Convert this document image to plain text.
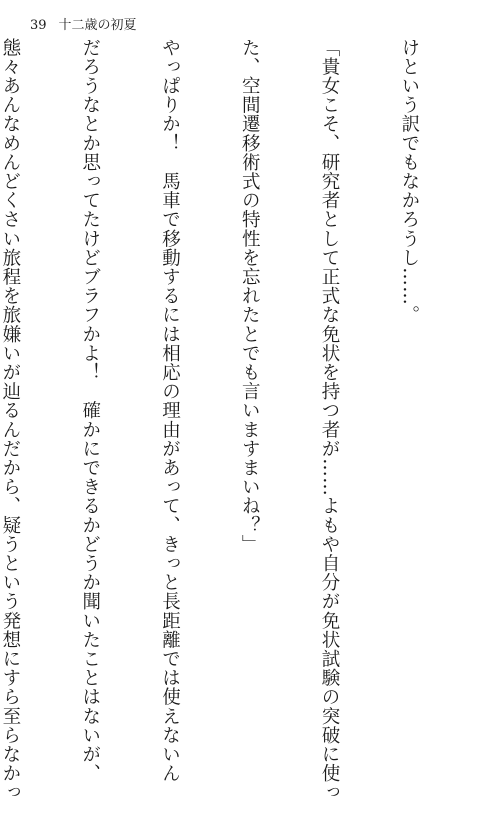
39 十二歳の初夏

けという訳でもなかろうし……。

「貴女こそ、研究者として正式な免状を持つ者が……よもや自分が免状試験の突破に使っ

た、空間遷移術式の特性を忘れたとでも言いますまいね？」

やっぱりか！　馬車で移動するには相応の理由があって、きっと長距離では使えないん

だろうなとか思ってたけどブラフかよ！　確かにできるかどうか聞いたことはないが、

態々あんなめんどくさい旅程を旅嫌いが辿るんだから、疑うという発想にすら至らなかっ
